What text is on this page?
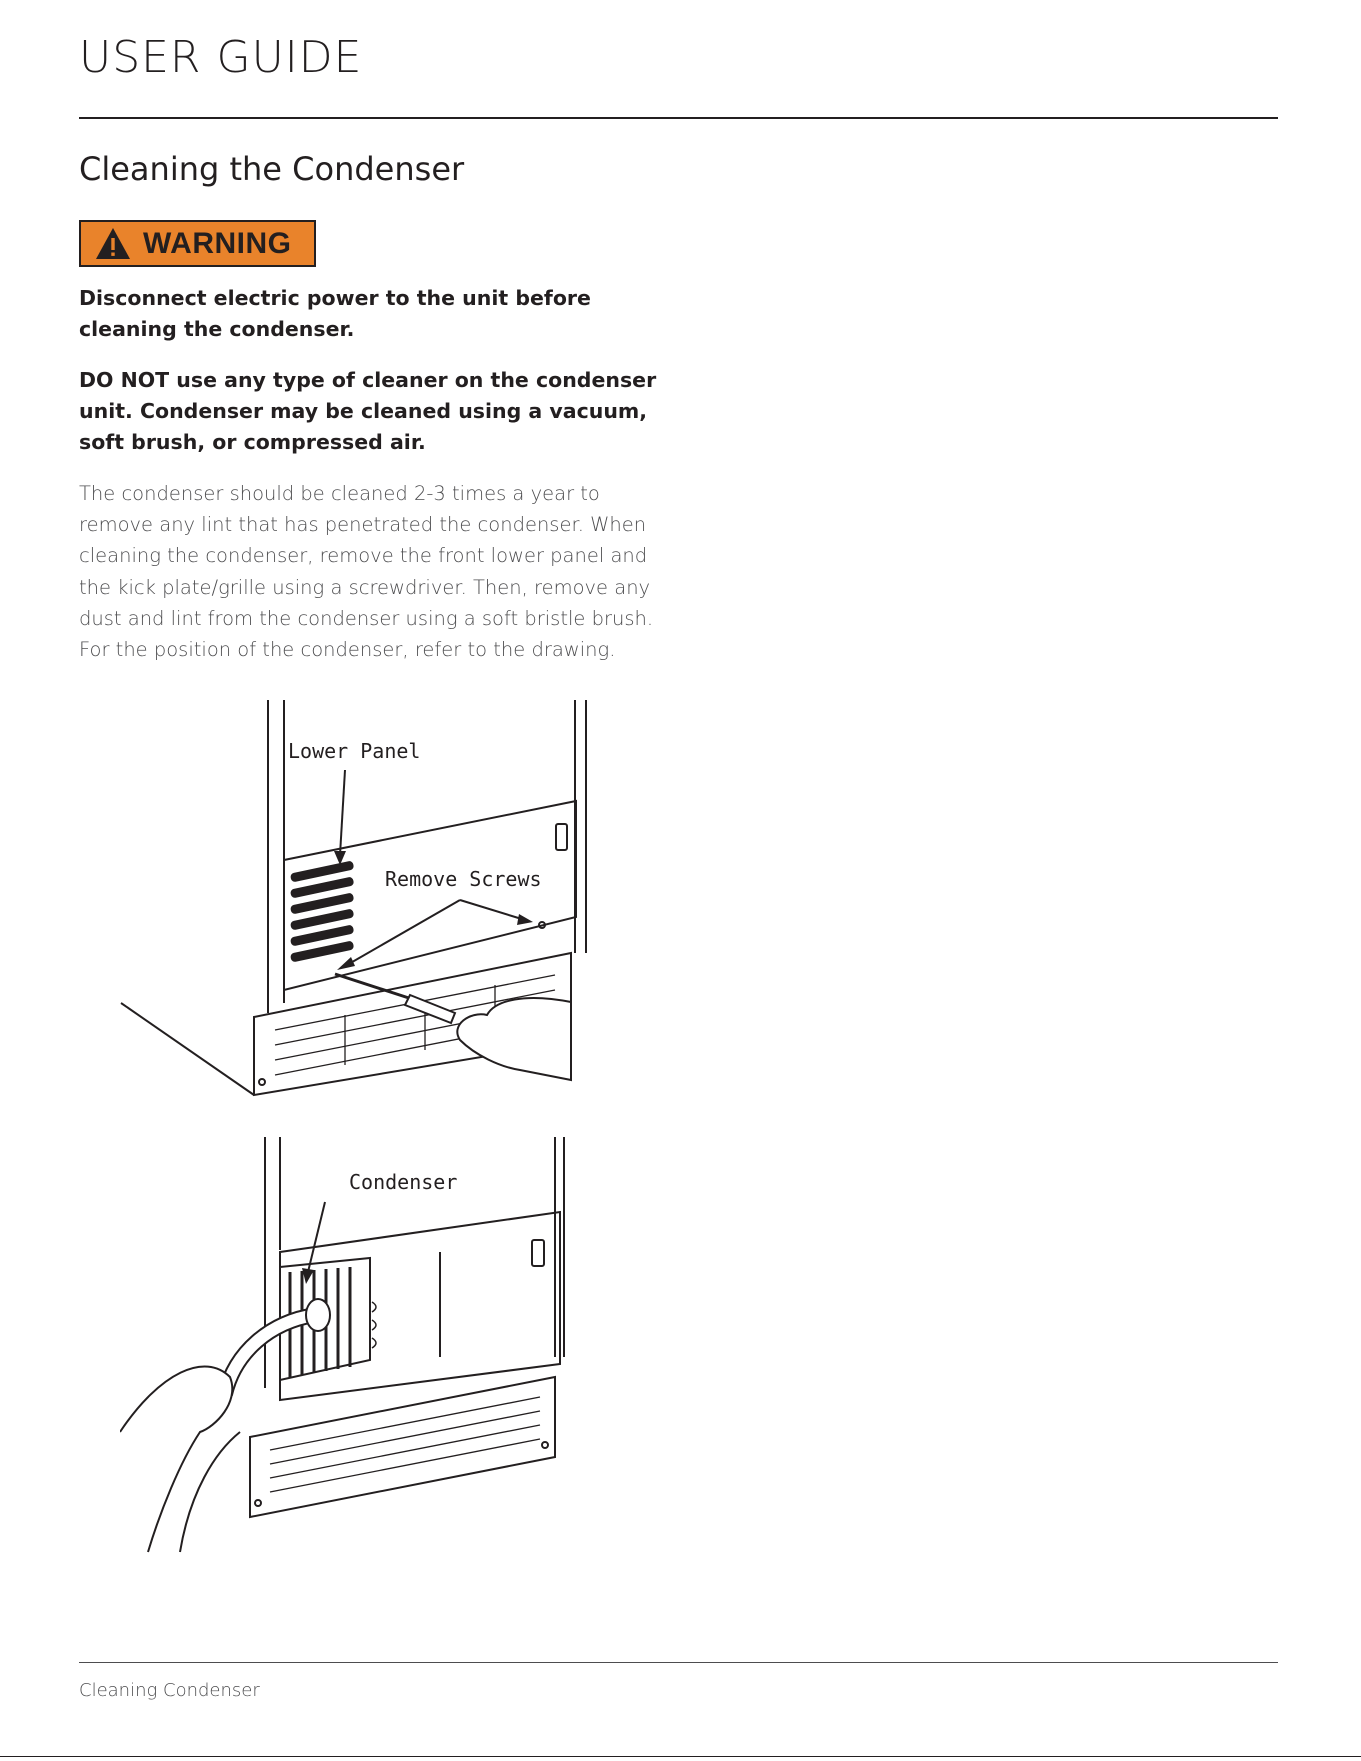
USER GUIDE
Cleaning the Condenser
WARNING

Disconnect electric power to the unit before cleaning the condenser.

DO NOT use any type of cleaner on the condenser unit. Condenser may be cleaned using a vacuum, soft brush, or compressed air.

The condenser should be cleaned 2-3 times a year to remove any lint that has penetrated the condenser. When cleaning the condenser, remove the front lower panel and the kick plate/grille using a screwdriver. Then, remove any dust and lint from the condenser using a soft bristle brush. For the position of the condenser, refer to the drawing.

Lower Panel
Remove Screws
Condenser
Cleaning Condenser
